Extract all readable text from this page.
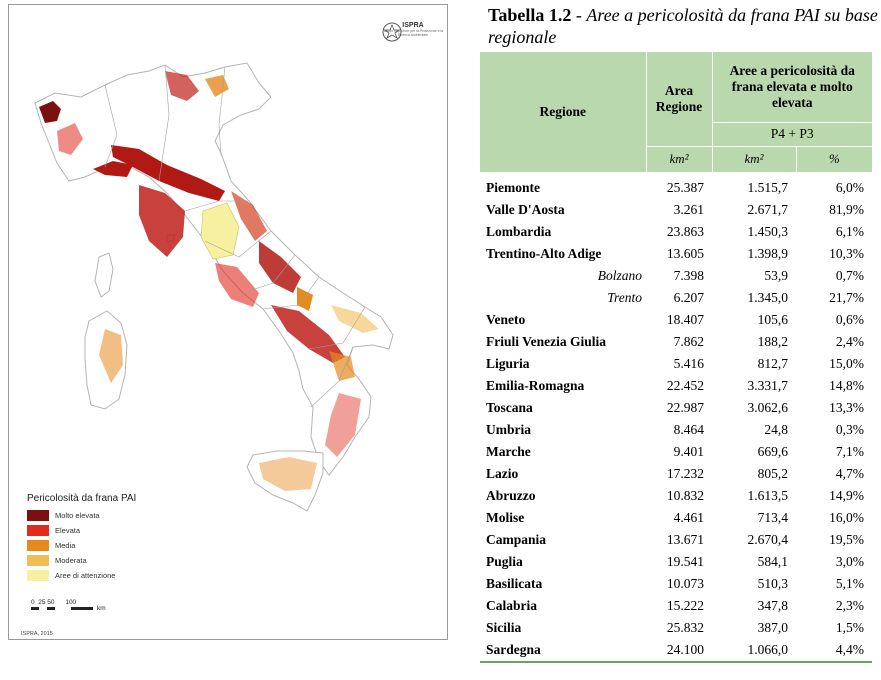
ISPRA
Istituto Superiore per la Protezione e la Ricerca Ambientale
Pericolosità da frana PAI
Molto elevata
Elevata
Media
Moderata
Aree di attenzione
0  25 50      100
km
ISPRA, 2015
Tabella 1.2 - Aree a pericolosità da frana PAI su base regionale
Regione	Area Regione	Aree a pericolosità da frana elevata e molto elevata	
		P4 + P3	
	km²	km²	%
Piemonte	25.387	1.515,7	6,0%
Valle D'Aosta	3.261	2.671,7	81,9%
Lombardia	23.863	1.450,3	6,1%
Trentino-Alto Adige	13.605	1.398,9	10,3%
Bolzano	7.398	53,9	0,7%
Trento	6.207	1.345,0	21,7%
Veneto	18.407	105,6	0,6%
Friuli Venezia Giulia	7.862	188,2	2,4%
Liguria	5.416	812,7	15,0%
Emilia-Romagna	22.452	3.331,7	14,8%
Toscana	22.987	3.062,6	13,3%
Umbria	8.464	24,8	0,3%
Marche	9.401	669,6	7,1%
Lazio	17.232	805,2	4,7%
Abruzzo	10.832	1.613,5	14,9%
Molise	4.461	713,4	16,0%
Campania	13.671	2.670,4	19,5%
Puglia	19.541	584,1	3,0%
Basilicata	10.073	510,3	5,1%
Calabria	15.222	347,8	2,3%
Sicilia	25.832	387,0	1,5%
Sardegna	24.100	1.066,0	4,4%
